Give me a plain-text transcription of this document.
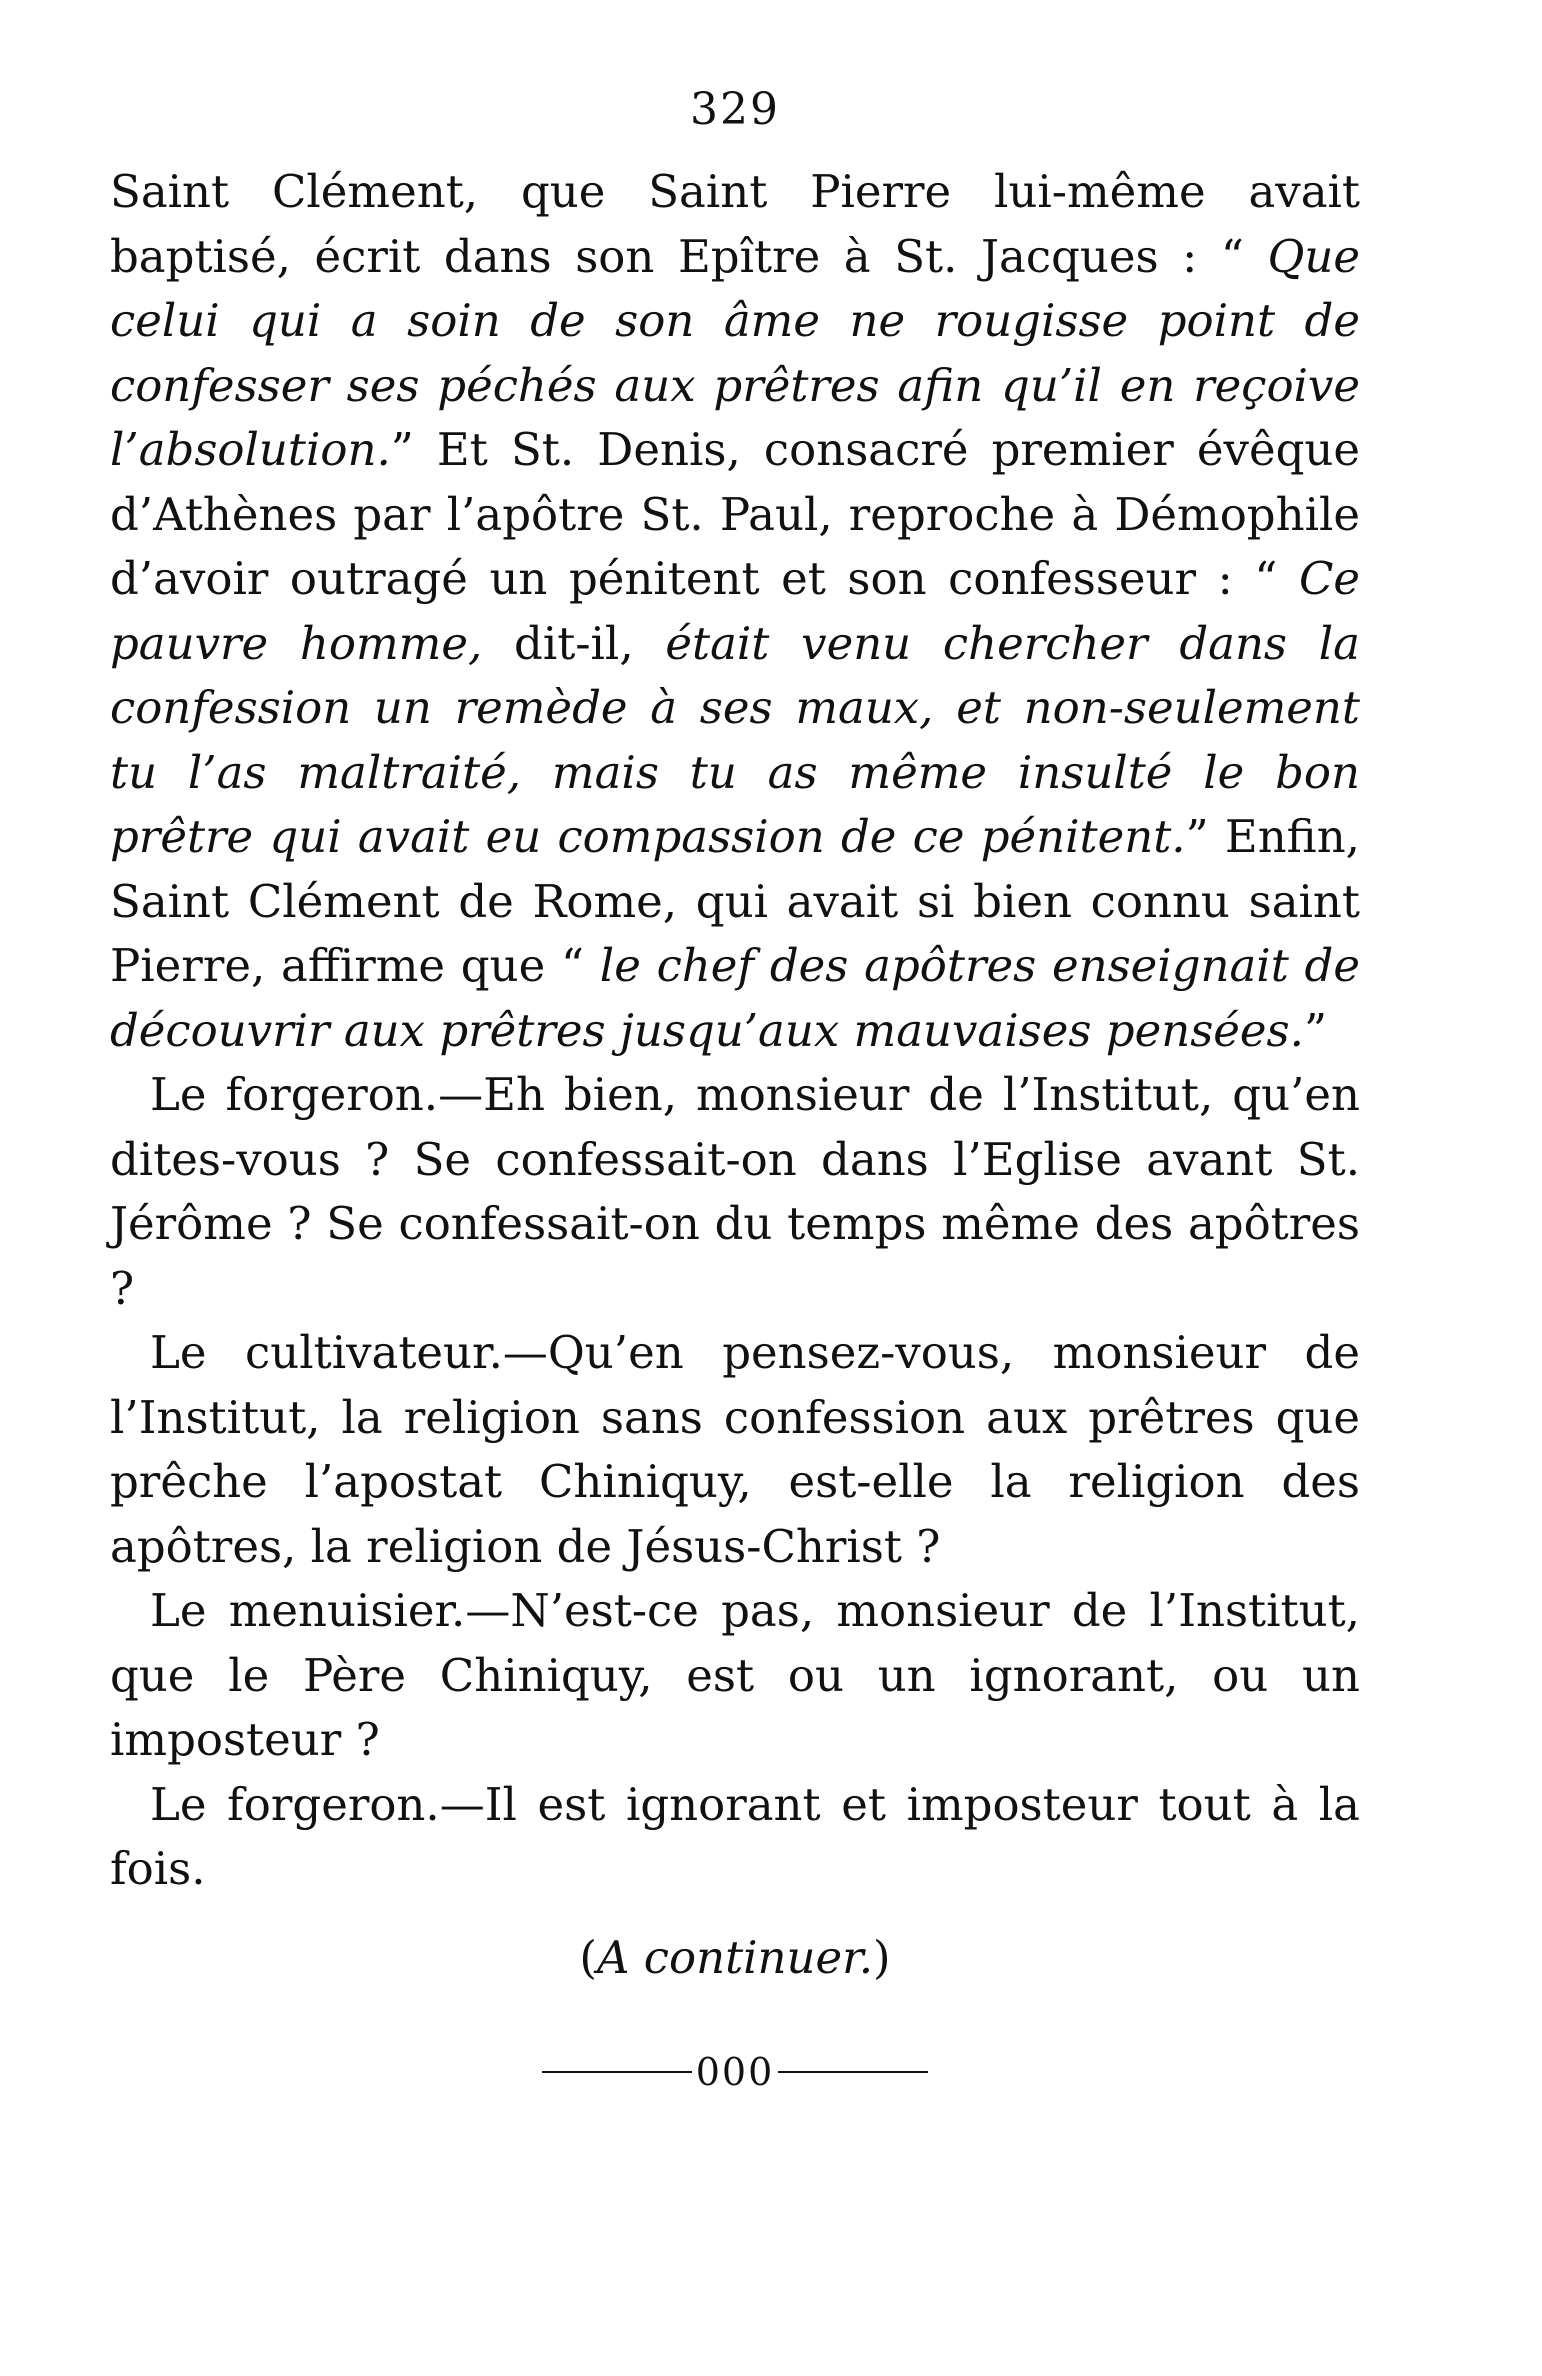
329

Saint Clément, que Saint Pierre lui-même avait baptisé, écrit dans son Epître à St. Jacques : “ Que celui qui a soin de son âme ne rougisse point de confesser ses péchés aux prêtres afin qu’il en reçoive l’absolution.” Et St. Denis, consacré premier évêque d’Athènes par l’apôtre St. Paul, reproche à Démophile d’avoir outragé un pénitent et son confesseur : “ Ce pauvre homme, dit-il, était venu chercher dans la confession un remède à ses maux, et non-seulement tu l’as maltraité, mais tu as même insulté le bon prêtre qui avait eu compassion de ce pénitent.” Enfin, Saint Clément de Rome, qui avait si bien connu saint Pierre, affirme que “ le chef des apôtres enseignait de découvrir aux prêtres jusqu’aux mauvaises pensées.”

Le forgeron.—Eh bien, monsieur de l’Institut, qu’en dites-vous ? Se confessait-on dans l’Eglise avant St. Jérôme ? Se confessait-on du temps même des apôtres ?

Le cultivateur.—Qu’en pensez-vous, monsieur de l’Institut, la religion sans confession aux prêtres que prêche l’apostat Chiniquy, est-elle la religion des apôtres, la religion de Jésus-Christ ?

Le menuisier.—N’est-ce pas, monsieur de l’Institut, que le Père Chiniquy, est ou un ignorant, ou un imposteur ?

Le forgeron.—Il est ignorant et imposteur tout à la fois.

(A continuer.)
000
